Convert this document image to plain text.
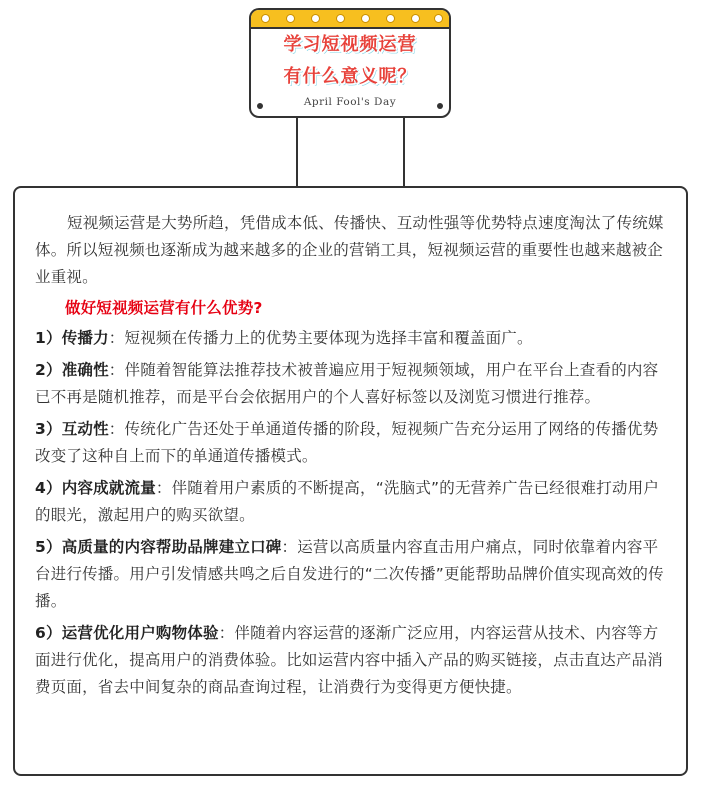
学习短视频运营
有什么意义呢？
April Fool's Day

短视频运营是大势所趋，凭借成本低、传播快、互动性强等优势特点速度淘汰了传统媒体。所以短视频也逐渐成为越来越多的企业的营销工具，短视频运营的重要性也越来越被企业重视。

做好短视频运营有什么优势?

1）传播力：短视频在传播力上的优势主要体现为选择丰富和覆盖面广。

2）准确性：伴随着智能算法推荐技术被普遍应用于短视频领域，用户在平台上查看的内容已不再是随机推荐，而是平台会依据用户的个人喜好标签以及浏览习惯进行推荐。

3）互动性：传统化广告还处于单通道传播的阶段，短视频广告充分运用了网络的传播优势改变了这种自上而下的单通道传播模式。

4）内容成就流量：伴随着用户素质的不断提高，“洗脑式”的无营养广告已经很难打动用户的眼光，激起用户的购买欲望。

5）高质量的内容帮助品牌建立口碑：运营以高质量内容直击用户痛点，同时依靠着内容平台进行传播。用户引发情感共鸣之后自发进行的“二次传播”更能帮助品牌价值实现高效的传播。

6）运营优化用户购物体验：伴随着内容运营的逐渐广泛应用，内容运营从技术、内容等方面进行优化，提高用户的消费体验。比如运营内容中插入产品的购买链接，点击直达产品消费页面，省去中间复杂的商品查询过程，让消费行为变得更方便快捷。
